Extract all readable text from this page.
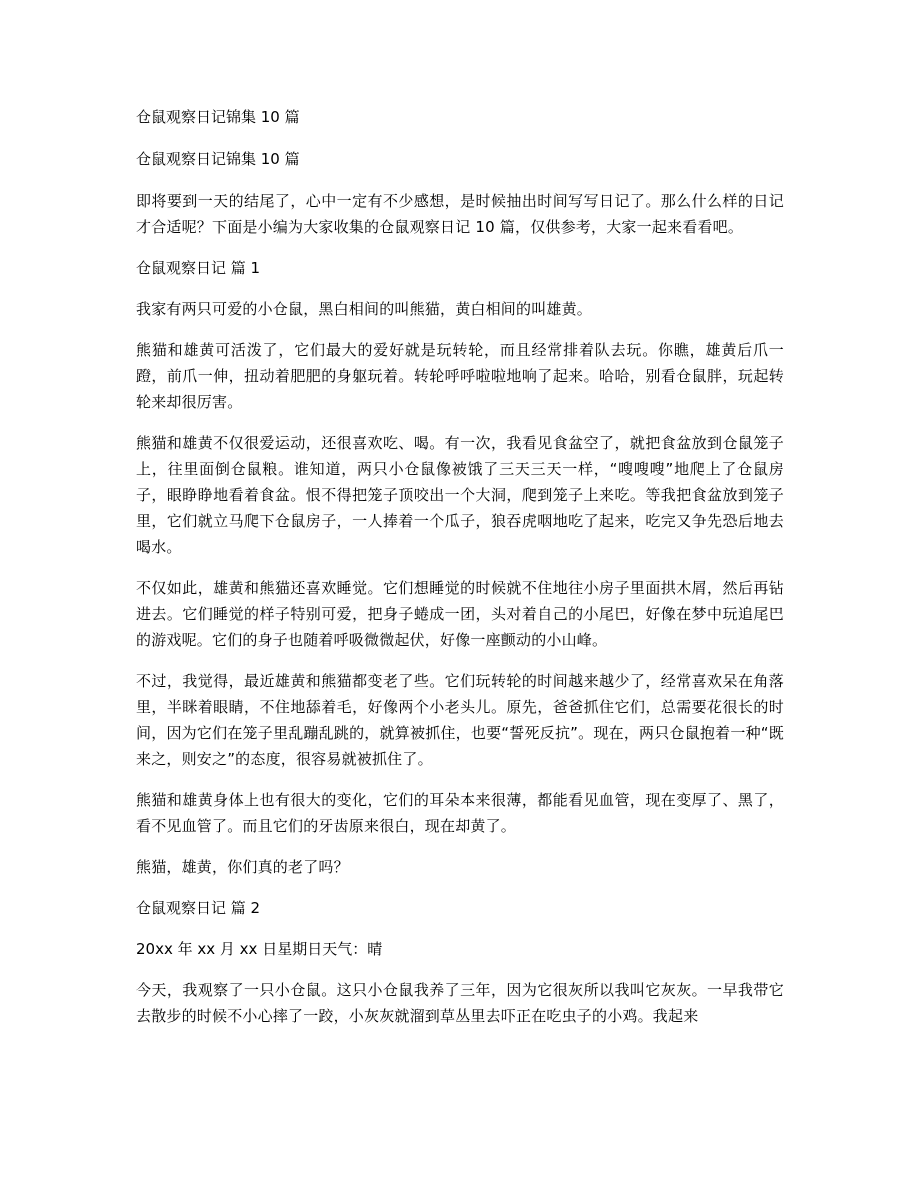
仓鼠观察日记锦集 10 篇

仓鼠观察日记锦集 10 篇

即将要到一天的结尾了，心中一定有不少感想，是时候抽出时间写写日记了。那么什么样的日记才合适呢？下面是小编为大家收集的仓鼠观察日记 10 篇，仅供参考，大家一起来看看吧。

仓鼠观察日记 篇 1

我家有两只可爱的小仓鼠，黑白相间的叫熊猫，黄白相间的叫雄黄。

熊猫和雄黄可活泼了，它们最大的爱好就是玩转轮，而且经常排着队去玩。你瞧，雄黄后爪一蹬，前爪一伸，扭动着肥肥的身躯玩着。转轮呼呼啦啦地响了起来。哈哈，别看仓鼠胖，玩起转轮来却很厉害。

熊猫和雄黄不仅很爱运动，还很喜欢吃、喝。有一次，我看见食盆空了，就把食盆放到仓鼠笼子上，往里面倒仓鼠粮。谁知道，两只小仓鼠像被饿了三天三天一样，“嗖嗖嗖”地爬上了仓鼠房子，眼睁睁地看着食盆。恨不得把笼子顶咬出一个大洞，爬到笼子上来吃。等我把食盆放到笼子里，它们就立马爬下仓鼠房子，一人捧着一个瓜子，狼吞虎咽地吃了起来，吃完又争先恐后地去喝水。

不仅如此，雄黄和熊猫还喜欢睡觉。它们想睡觉的时候就不住地往小房子里面拱木屑，然后再钻进去。它们睡觉的样子特别可爱，把身子蜷成一团，头对着自己的小尾巴，好像在梦中玩追尾巴的游戏呢。它们的身子也随着呼吸微微起伏，好像一座颤动的小山峰。

不过，我觉得，最近雄黄和熊猫都变老了些。它们玩转轮的时间越来越少了，经常喜欢呆在角落里，半眯着眼睛，不住地舔着毛，好像两个小老头儿。原先，爸爸抓住它们，总需要花很长的时间，因为它们在笼子里乱蹦乱跳的，就算被抓住，也要“誓死反抗”。现在，两只仓鼠抱着一种“既来之，则安之”的态度，很容易就被抓住了。

熊猫和雄黄身体上也有很大的变化，它们的耳朵本来很薄，都能看见血管，现在变厚了、黑了，看不见血管了。而且它们的牙齿原来很白，现在却黄了。

熊猫，雄黄，你们真的老了吗？

仓鼠观察日记 篇 2

20xx 年 xx 月 xx 日星期日天气：晴

今天，我观察了一只小仓鼠。这只小仓鼠我养了三年，因为它很灰所以我叫它灰灰。一早我带它去散步的时候不小心摔了一跤，小灰灰就溜到草丛里去吓正在吃虫子的小鸡。我起来
